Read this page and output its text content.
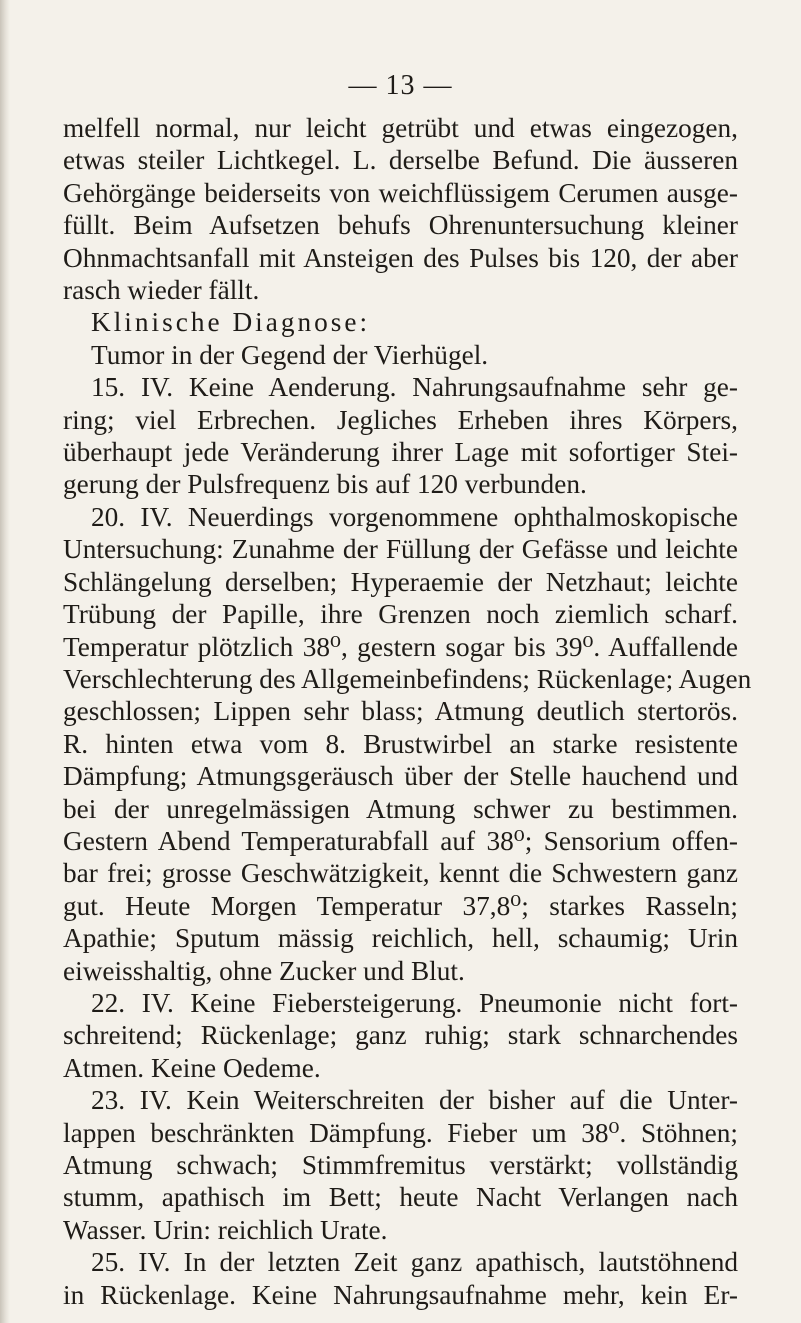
— 13 —
melfell normal, nur leicht getrübt und etwas eingezogen,
etwas steiler Lichtkegel. L. derselbe Befund. Die äusseren
Gehörgänge beiderseits von weichflüssigem Cerumen ausge-
füllt. Beim Aufsetzen behufs Ohrenuntersuchung kleiner
Ohnmachtsanfall mit Ansteigen des Pulses bis 120, der aber
rasch wieder fällt.
Klinische Diagnose:
Tumor in der Gegend der Vierhügel.
15. IV. Keine Aenderung. Nahrungsaufnahme sehr ge-
ring; viel Erbrechen. Jegliches Erheben ihres Körpers,
überhaupt jede Veränderung ihrer Lage mit sofortiger Stei-
gerung der Pulsfrequenz bis auf 120 verbunden.
20. IV. Neuerdings vorgenommene ophthalmoskopische
Untersuchung: Zunahme der Füllung der Gefässe und leichte
Schlängelung derselben; Hyperaemie der Netzhaut; leichte
Trübung der Papille, ihre Grenzen noch ziemlich scharf.
Temperatur plötzlich 38⁰, gestern sogar bis 39⁰. Auffallende
Verschlechterung des Allgemeinbefindens; Rückenlage; Augen
geschlossen; Lippen sehr blass; Atmung deutlich stertorös.
R. hinten etwa vom 8. Brustwirbel an starke resistente
Dämpfung; Atmungsgeräusch über der Stelle hauchend und
bei der unregelmässigen Atmung schwer zu bestimmen.
Gestern Abend Temperaturabfall auf 38⁰; Sensorium offen-
bar frei; grosse Geschwätzigkeit, kennt die Schwestern ganz
gut. Heute Morgen Temperatur 37,8⁰; starkes Rasseln;
Apathie; Sputum mässig reichlich, hell, schaumig; Urin
eiweisshaltig, ohne Zucker und Blut.
22. IV. Keine Fiebersteigerung. Pneumonie nicht fort-
schreitend; Rückenlage; ganz ruhig; stark schnarchendes
Atmen. Keine Oedeme.
23. IV. Kein Weiterschreiten der bisher auf die Unter-
lappen beschränkten Dämpfung. Fieber um 38⁰. Stöhnen;
Atmung schwach; Stimmfremitus verstärkt; vollständig
stumm, apathisch im Bett; heute Nacht Verlangen nach
Wasser. Urin: reichlich Urate.
25. IV. In der letzten Zeit ganz apathisch, lautstöhnend
in Rückenlage. Keine Nahrungsaufnahme mehr, kein Er-
